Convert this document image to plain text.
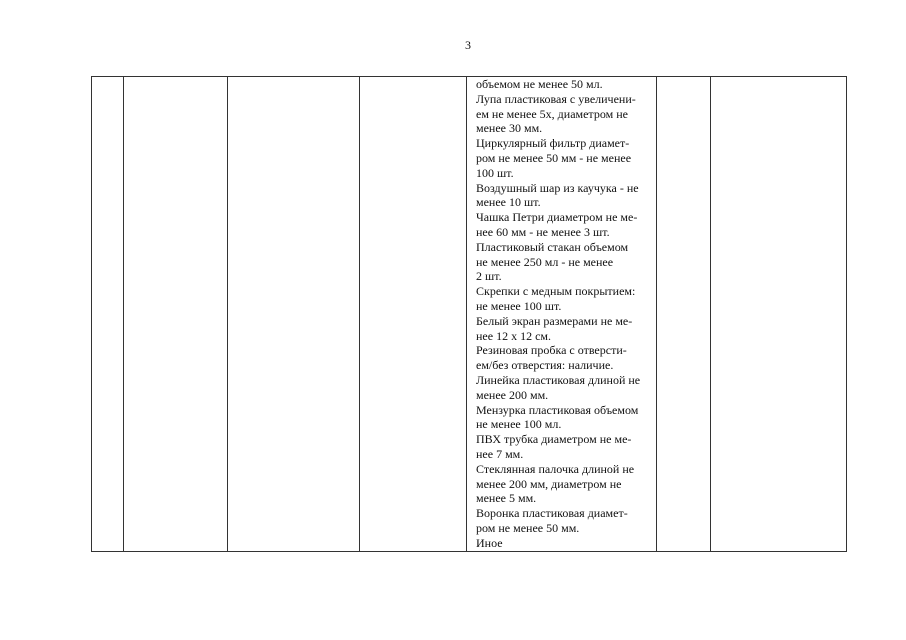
3

объемом не менее 50 мл.
Лупа пластиковая с увеличени-
ем не менее 5х, диаметром не
менее 30 мм.
Циркулярный фильтр диамет-
ром не менее 50 мм - не менее
100 шт.
Воздушный шар из каучука - не
менее 10 шт.
Чашка Петри диаметром не ме-
нее 60 мм - не менее 3 шт.
Пластиковый стакан объемом
не менее 250 мл - не менее
2 шт.
Скрепки с медным покрытием:
не менее 100 шт.
Белый экран размерами не ме-
нее 12 х 12 см.
Резиновая пробка с отверсти-
ем/без отверстия: наличие.
Линейка пластиковая длиной не
менее 200 мм.
Мензурка пластиковая объемом
не менее 100 мл.
ПВХ трубка диаметром не ме-
нее 7 мм.
Стеклянная палочка длиной не
менее 200 мм, диаметром не
менее 5 мм.
Воронка пластиковая диамет-
ром не менее 50 мм.
Иное
